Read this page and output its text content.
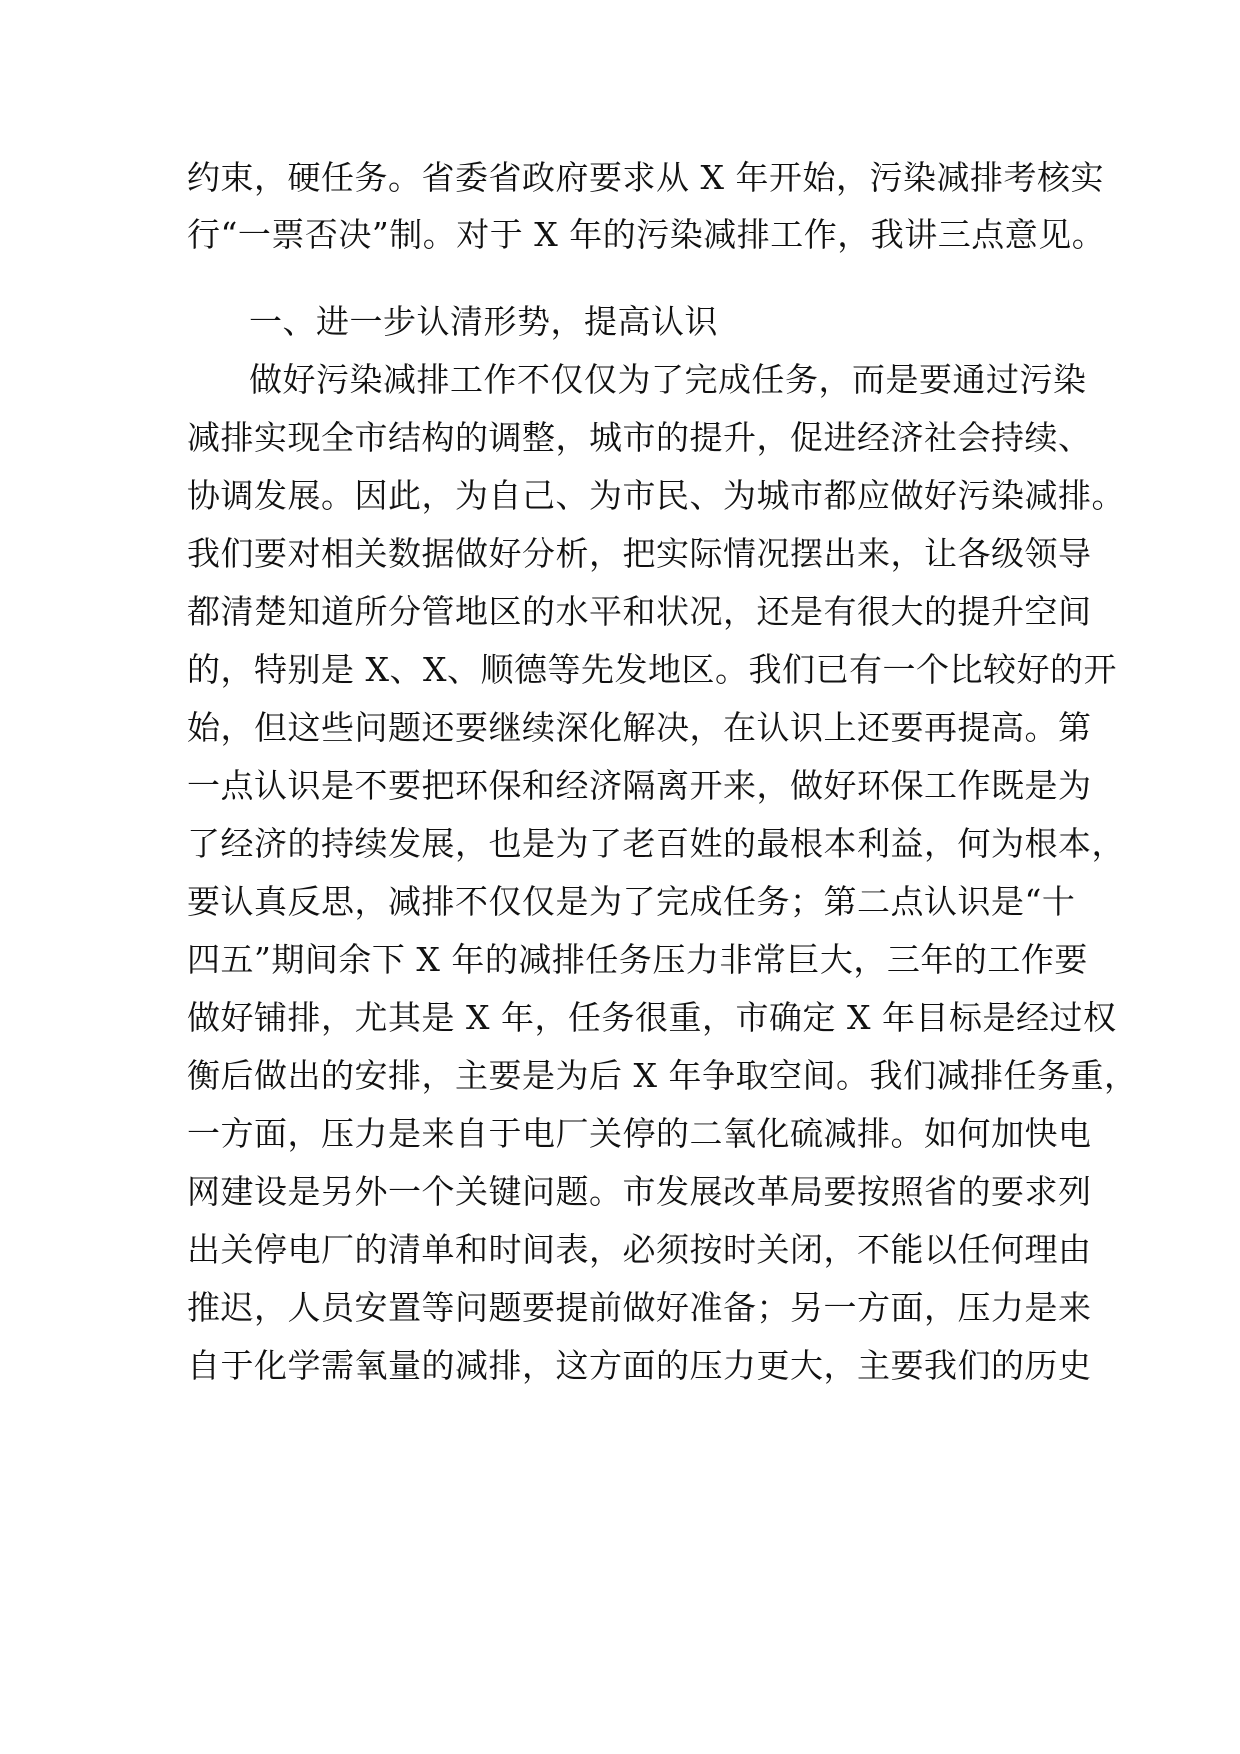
约束，硬任务。省委省政府要求从 X 年开始，污染减排考核实
行“一票否决”制。对于 X 年的污染减排工作，我讲三点意见。
一、进一步认清形势，提高认识
做好污染减排工作不仅仅为了完成任务，而是要通过污染
减排实现全市结构的调整，城市的提升，促进经济社会持续、
协调发展。因此，为自己、为市民、为城市都应做好污染减排。
我们要对相关数据做好分析，把实际情况摆出来，让各级领导
都清楚知道所分管地区的水平和状况，还是有很大的提升空间
的，特别是 X、X、顺德等先发地区。我们已有一个比较好的开
始，但这些问题还要继续深化解决，在认识上还要再提高。第
一点认识是不要把环保和经济隔离开来，做好环保工作既是为
了经济的持续发展，也是为了老百姓的最根本利益，何为根本，
要认真反思，减排不仅仅是为了完成任务；第二点认识是“十
四五”期间余下 X 年的减排任务压力非常巨大，三年的工作要
做好铺排，尤其是 X 年，任务很重，市确定 X 年目标是经过权
衡后做出的安排，主要是为后 X 年争取空间。我们减排任务重，
一方面，压力是来自于电厂关停的二氧化硫减排。如何加快电
网建设是另外一个关键问题。市发展改革局要按照省的要求列
出关停电厂的清单和时间表，必须按时关闭，不能以任何理由
推迟，人员安置等问题要提前做好准备；另一方面，压力是来
自于化学需氧量的减排，这方面的压力更大，主要我们的历史
